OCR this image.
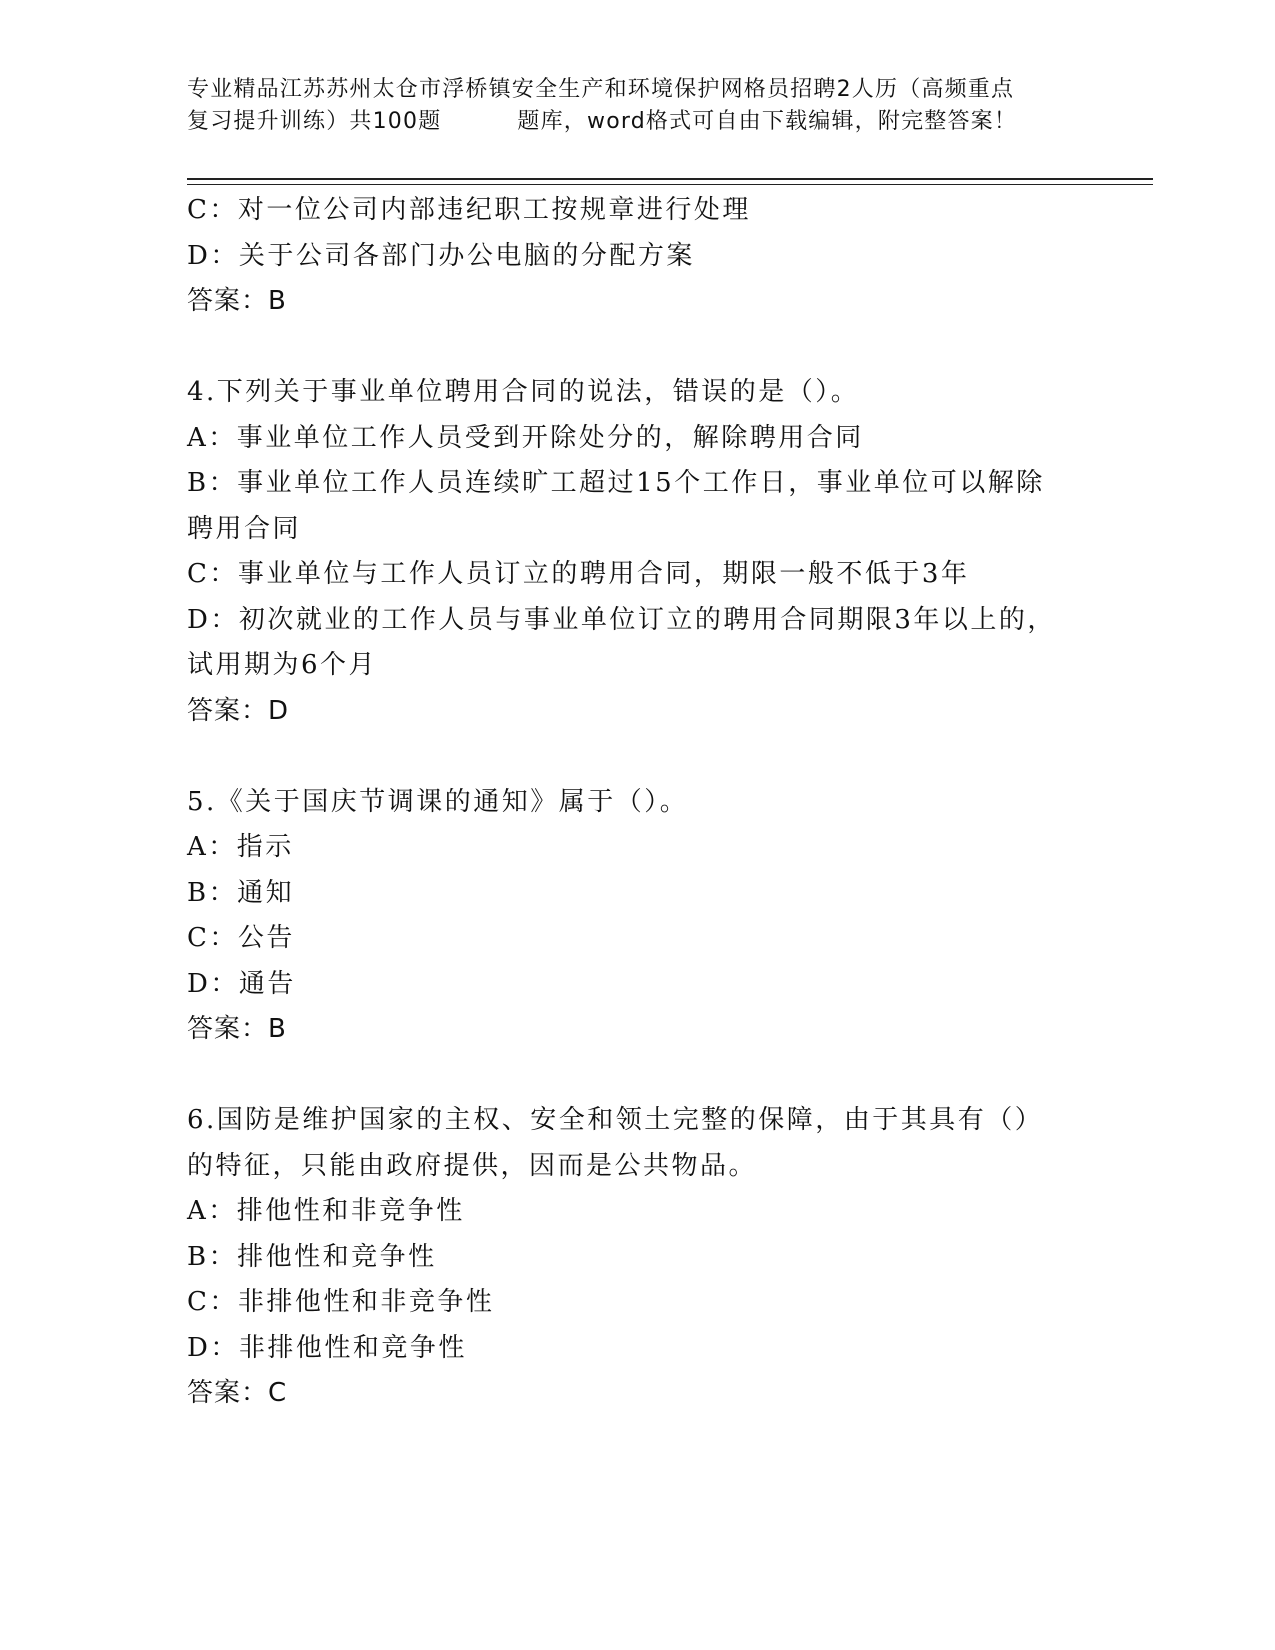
专业精品江苏苏州太仓市浮桥镇安全生产和环境保护网格员招聘2人历（高频重点
复习提升训练）共100题	题库，word格式可自由下载编辑，附完整答案！
C：对一位公司内部违纪职工按规章进行处理
D：关于公司各部门办公电脑的分配方案
答案：B
4.下列关于事业单位聘用合同的说法，错误的是（）。
A：事业单位工作人员受到开除处分的，解除聘用合同
B：事业单位工作人员连续旷工超过15个工作日，事业单位可以解除
聘用合同
C：事业单位与工作人员订立的聘用合同，期限一般不低于3年
D：初次就业的工作人员与事业单位订立的聘用合同期限3年以上的，
试用期为6个月
答案：D
5.《关于国庆节调课的通知》属于（）。
A：指示
B：通知
C：公告
D：通告
答案：B
6.国防是维护国家的主权、安全和领土完整的保障，由于其具有（）
的特征，只能由政府提供，因而是公共物品。
A：排他性和非竞争性
B：排他性和竞争性
C：非排他性和非竞争性
D：非排他性和竞争性
答案：C
